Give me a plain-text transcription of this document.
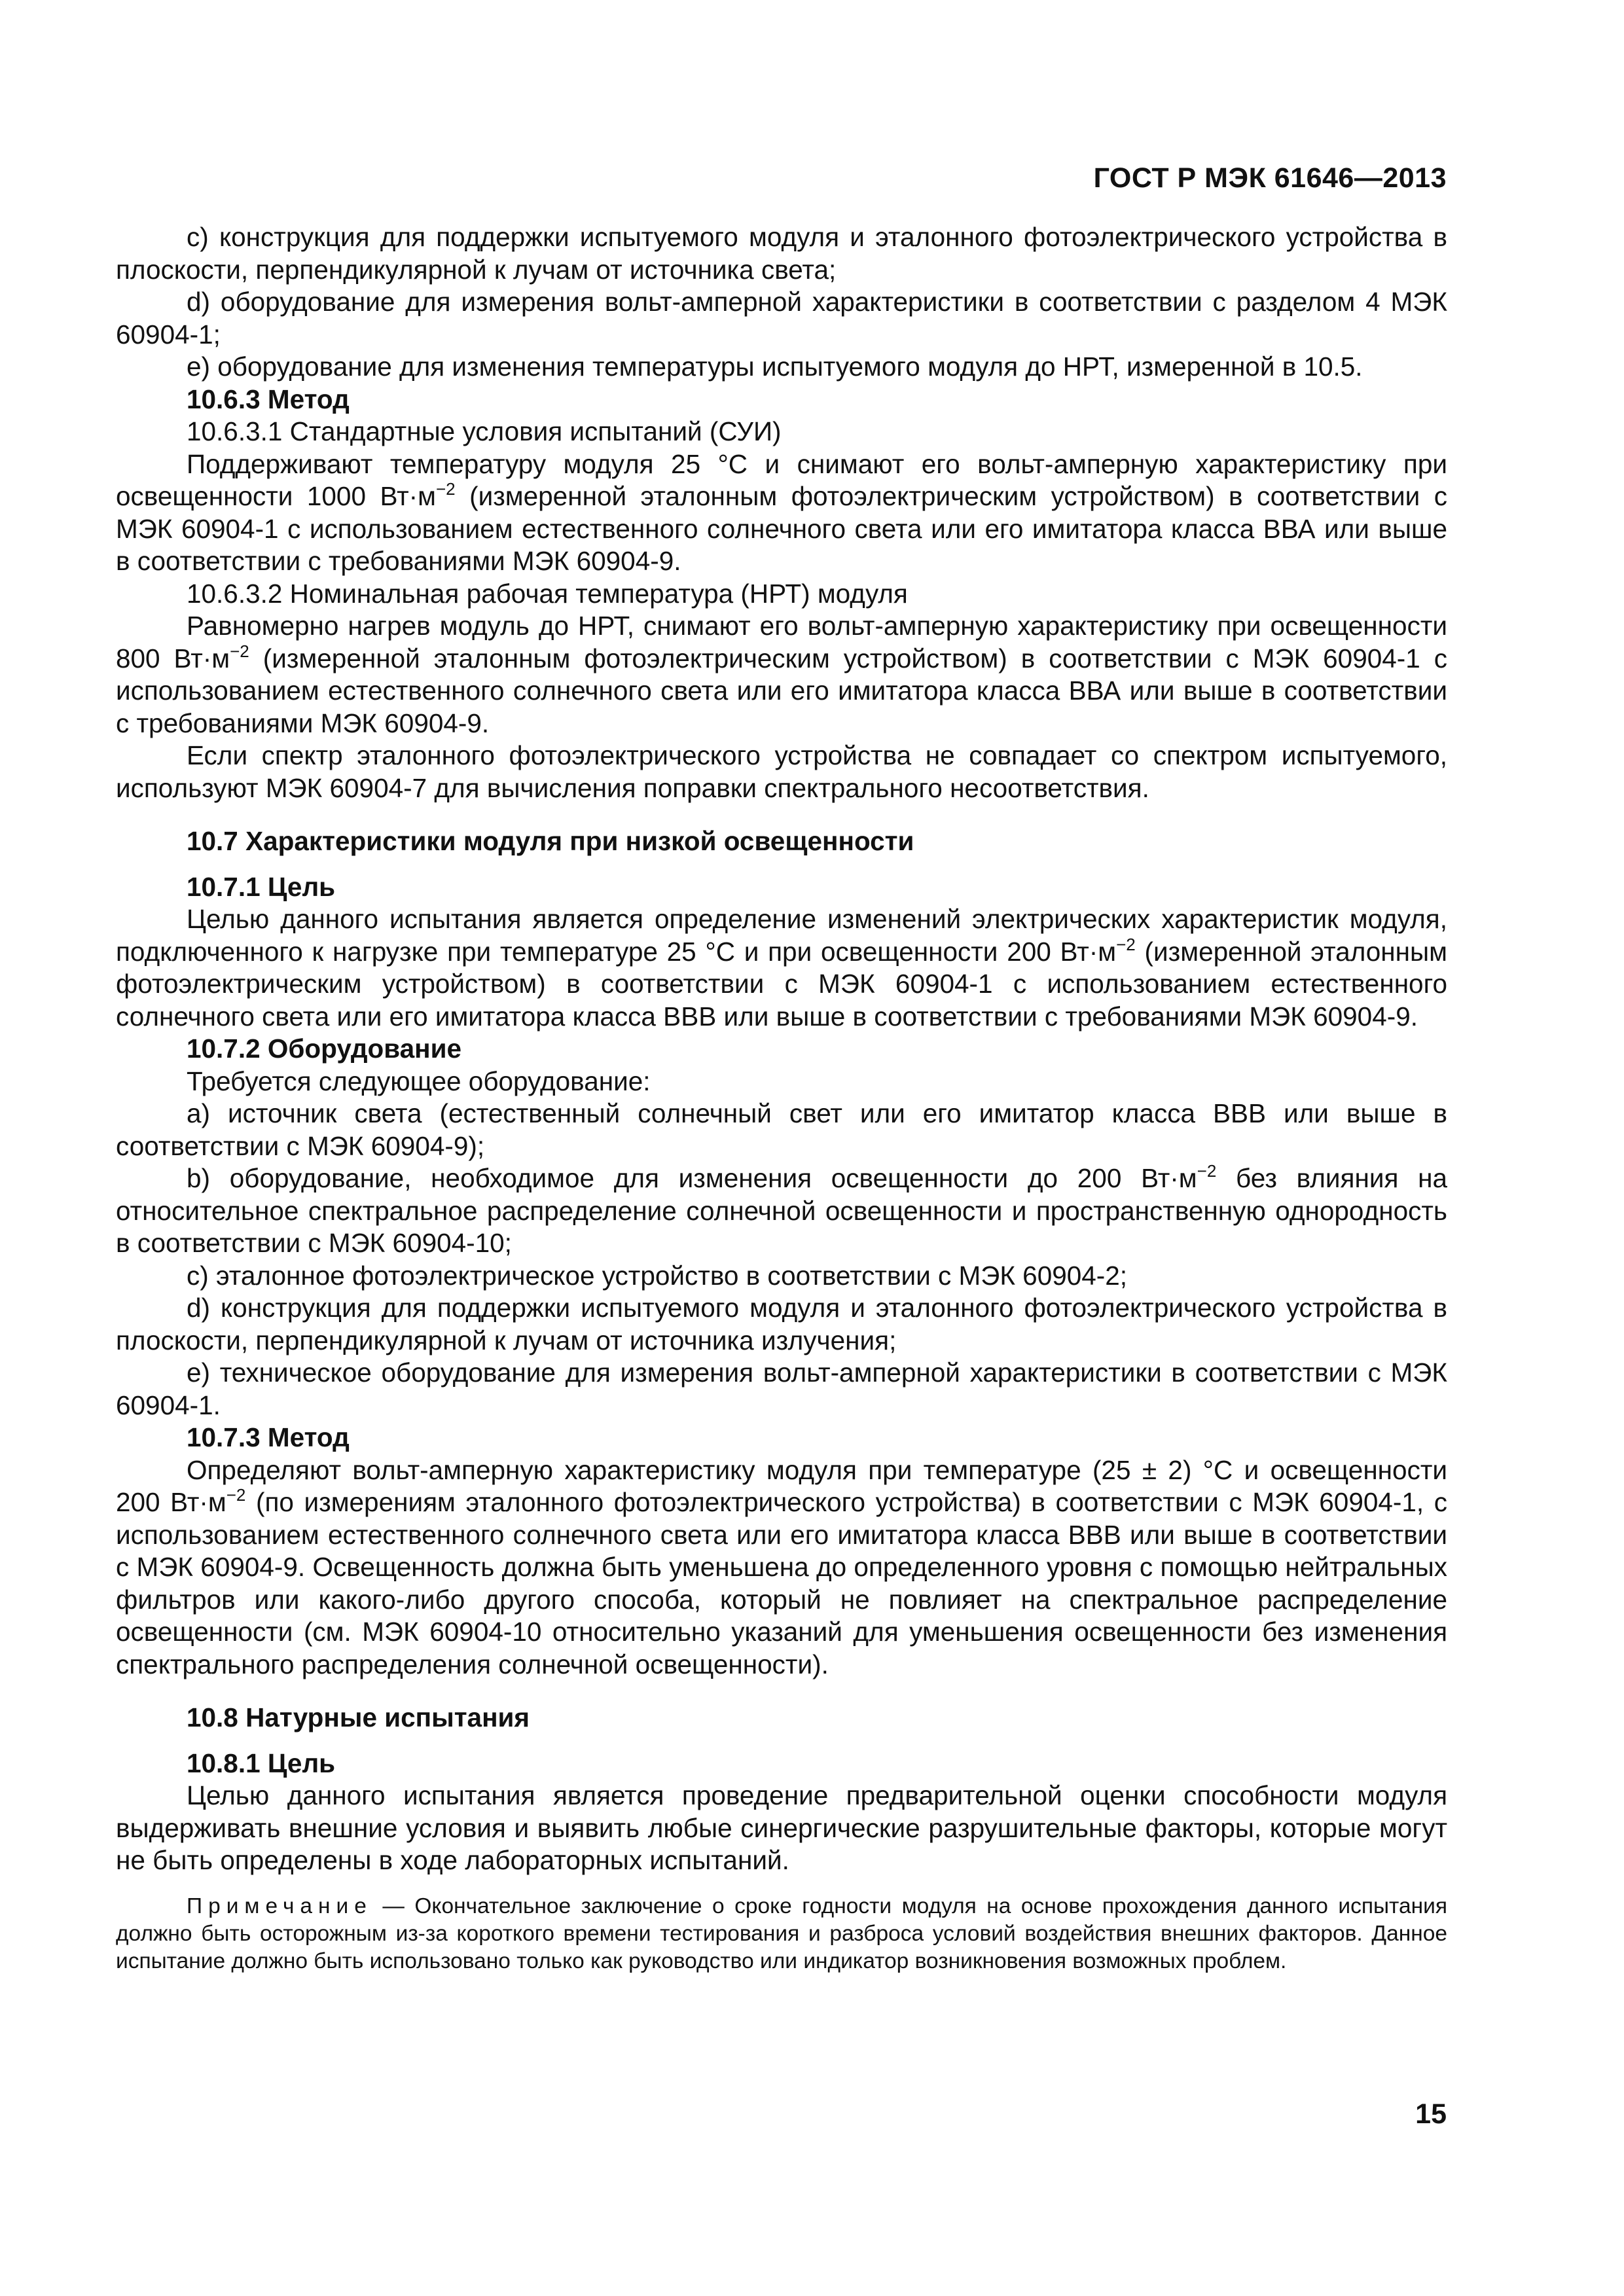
ГОСТ Р МЭК 61646—2013

c) конструкция для поддержки испытуемого модуля и эталонного фотоэлектрического устройства в плоскости, перпендикулярной к лучам от источника света;

d) оборудование для измерения вольт-амперной характеристики в соответствии с разделом 4 МЭК 60904-1;

e) оборудование для изменения температуры испытуемого модуля до НРТ, измеренной в 10.5.

10.6.3 Метод

10.6.3.1 Стандартные условия испытаний (СУИ)

Поддерживают температуру модуля 25 °С и снимают его вольт-амперную характеристику при освещенности 1000 $Вт\cdot м^{-2}$ (измеренной эталонным фотоэлектрическим устройством) в соответствии с МЭК 60904-1 с использованием естественного солнечного света или его имитатора класса ВВА или выше в соответствии с требованиями МЭК 60904-9.

10.6.3.2 Номинальная рабочая температура (НРТ) модуля

Равномерно нагрев модуль до НРТ, снимают его вольт-амперную характеристику при освещенности 800 $Вт\cdot м^{-2}$ (измеренной эталонным фотоэлектрическим устройством) в соответствии с МЭК 60904-1 с использованием естественного солнечного света или его имитатора класса ВВА или выше в соответствии с требованиями МЭК 60904-9.

Если спектр эталонного фотоэлектрического устройства не совпадает со спектром испытуемого, используют МЭК 60904-7 для вычисления поправки спектрального несоответствия.

10.7 Характеристики модуля при низкой освещенности

10.7.1 Цель

Целью данного испытания является определение изменений электрических характеристик модуля, подключенного к нагрузке при температуре 25 °С и при освещенности 200 $Вт\cdot м^{-2}$ (измеренной эталонным фотоэлектрическим устройством) в соответствии с МЭК 60904-1 с использованием естественного солнечного света или его имитатора класса ВВВ или выше в соответствии с требованиями МЭК 60904-9.

10.7.2 Оборудование

Требуется следующее оборудование:

a) источник света (естественный солнечный свет или его имитатор класса ВВВ или выше в соответствии с МЭК 60904-9);

b) оборудование, необходимое для изменения освещенности до 200 $Вт\cdot м^{-2}$ без влияния на относительное спектральное распределение солнечной освещенности и пространственную однородность в соответствии с МЭК 60904-10;

c) эталонное фотоэлектрическое устройство в соответствии с МЭК 60904-2;

d) конструкция для поддержки испытуемого модуля и эталонного фотоэлектрического устройства в плоскости, перпендикулярной к лучам от источника излучения;

e) техническое оборудование для измерения вольт-амперной характеристики в соответствии с МЭК 60904-1.

10.7.3 Метод

Определяют вольт-амперную характеристику модуля при температуре (25 ± 2) °С и освещенности 200 $Вт\cdot м^{-2}$ (по измерениям эталонного фотоэлектрического устройства) в соответствии с МЭК 60904-1, с использованием естественного солнечного света или его имитатора класса ВВВ или выше в соответствии с МЭК 60904-9. Освещенность должна быть уменьшена до определенного уровня с помощью нейтральных фильтров или какого-либо другого способа, который не повлияет на спектральное распределение освещенности (см. МЭК 60904-10 относительно указаний для уменьшения освещенности без изменения спектрального распределения солнечной освещенности).

10.8 Натурные испытания

10.8.1 Цель

Целью данного испытания является проведение предварительной оценки способности модуля выдерживать внешние условия и выявить любые синергические разрушительные факторы, которые могут не быть определены в ходе лабораторных испытаний.

Примечание — Окончательное заключение о сроке годности модуля на основе прохождения данного испытания должно быть осторожным из-за короткого времени тестирования и разброса условий воздействия внешних факторов. Данное испытание должно быть использовано только как руководство или индикатор возникновения возможных проблем.

15
